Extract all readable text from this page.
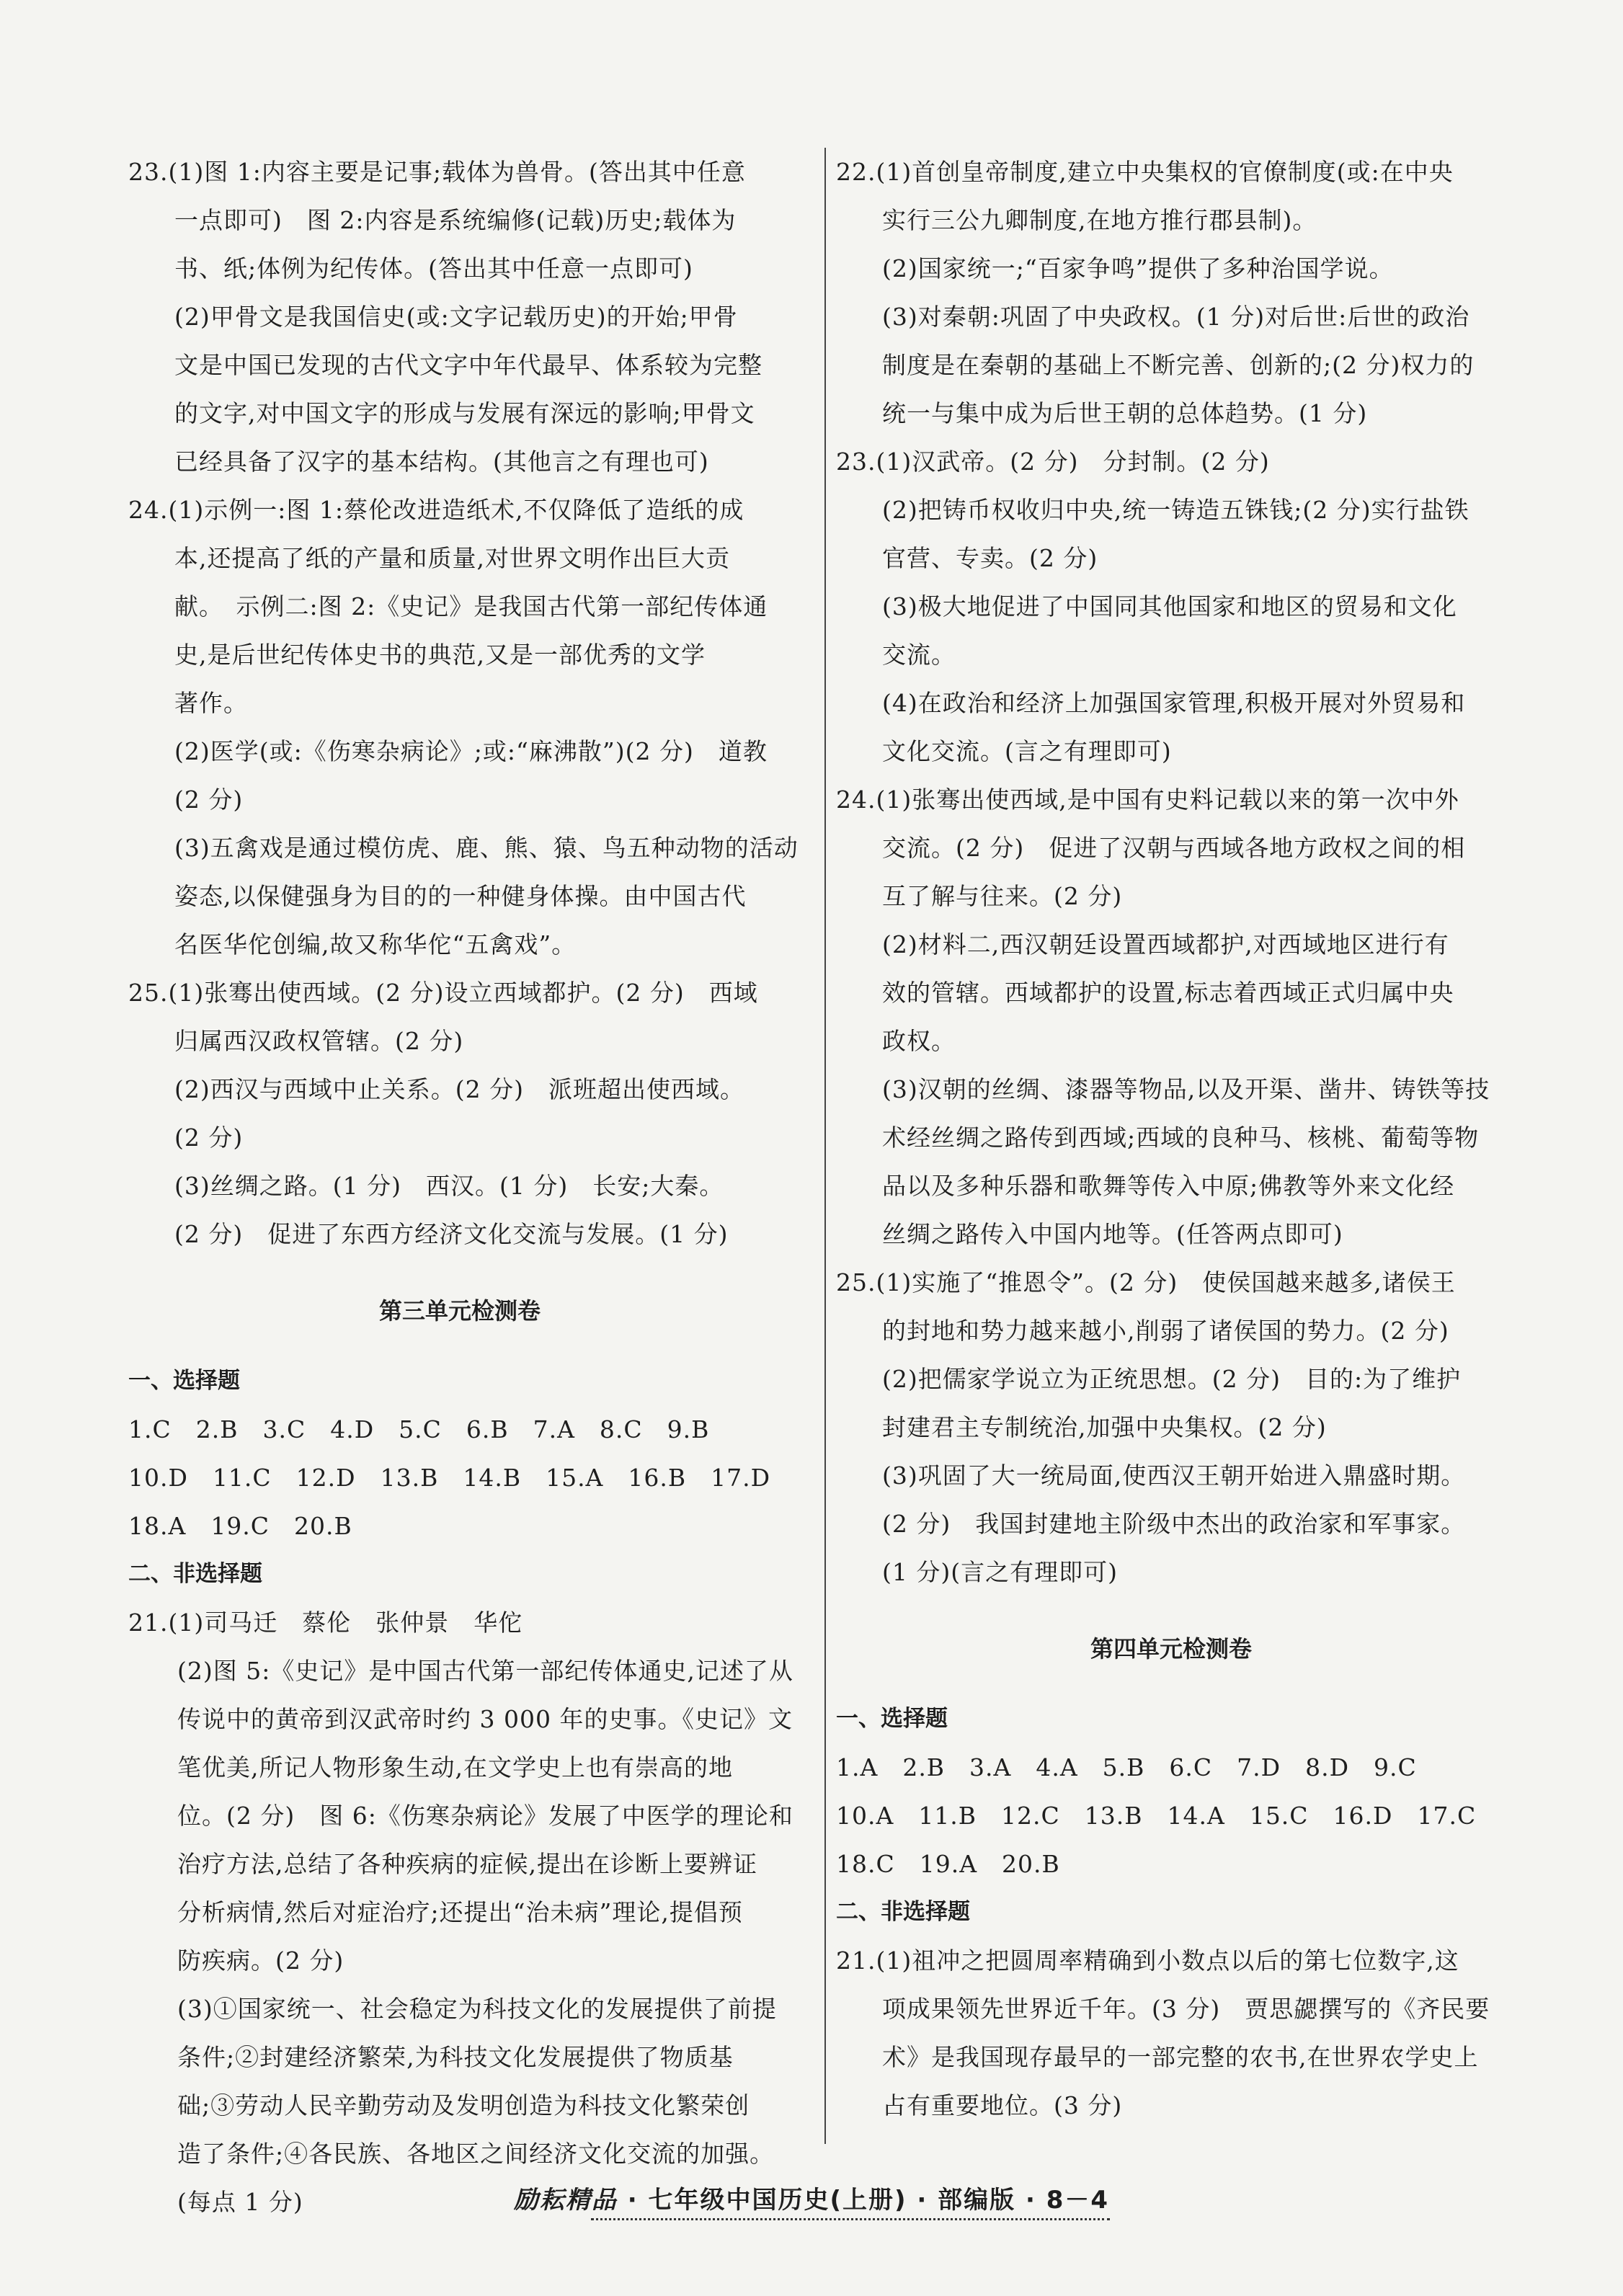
23.(1)图 1:内容主要是记事;载体为兽骨。(答出其中任意
一点即可)　图 2:内容是系统编修(记载)历史;载体为
书、纸;体例为纪传体。(答出其中任意一点即可)
(2)甲骨文是我国信史(或:文字记载历史)的开始;甲骨
文是中国已发现的古代文字中年代最早、体系较为完整
的文字,对中国文字的形成与发展有深远的影响;甲骨文
已经具备了汉字的基本结构。(其他言之有理也可)
24.(1)示例一:图 1:蔡伦改进造纸术,不仅降低了造纸的成
本,还提高了纸的产量和质量,对世界文明作出巨大贡
献。　示例二:图 2:《史记》是我国古代第一部纪传体通
史,是后世纪传体史书的典范,又是一部优秀的文学
著作。
(2)医学(或:《伤寒杂病论》;或:“麻沸散”)(2 分)　道教
(2 分)
(3)五禽戏是通过模仿虎、鹿、熊、猿、鸟五种动物的活动
姿态,以保健强身为目的的一种健身体操。由中国古代
名医华佗创编,故又称华佗“五禽戏”。
25.(1)张骞出使西域。(2 分)设立西域都护。(2 分)　西域
归属西汉政权管辖。(2 分)
(2)西汉与西域中止关系。(2 分)　派班超出使西域。
(2 分)
(3)丝绸之路。(1 分)　西汉。(1 分)　长安;大秦。
(2 分)　促进了东西方经济文化交流与发展。(1 分)
第三单元检测卷
一、选择题
1.C　2.B　3.C　4.D　5.C　6.B　7.A　8.C　9.B
10.D　11.C　12.D　13.B　14.B　15.A　16.B　17.D
18.A　19.C　20.B
二、非选择题
21.(1)司马迁　蔡伦　张仲景　华佗
(2)图 5:《史记》是中国古代第一部纪传体通史,记述了从
传说中的黄帝到汉武帝时约 3 000 年的史事。《史记》文
笔优美,所记人物形象生动,在文学史上也有崇高的地
位。(2 分)　图 6:《伤寒杂病论》发展了中医学的理论和
治疗方法,总结了各种疾病的症候,提出在诊断上要辨证
分析病情,然后对症治疗;还提出“治未病”理论,提倡预
防疾病。(2 分)
(3)①国家统一、社会稳定为科技文化的发展提供了前提
条件;②封建经济繁荣,为科技文化发展提供了物质基
础;③劳动人民辛勤劳动及发明创造为科技文化繁荣创
造了条件;④各民族、各地区之间经济文化交流的加强。
(每点 1 分)
22.(1)首创皇帝制度,建立中央集权的官僚制度(或:在中央
实行三公九卿制度,在地方推行郡县制)。
(2)国家统一;“百家争鸣”提供了多种治国学说。
(3)对秦朝:巩固了中央政权。(1 分)对后世:后世的政治
制度是在秦朝的基础上不断完善、创新的;(2 分)权力的
统一与集中成为后世王朝的总体趋势。(1 分)
23.(1)汉武帝。(2 分)　分封制。(2 分)
(2)把铸币权收归中央,统一铸造五铢钱;(2 分)实行盐铁
官营、专卖。(2 分)
(3)极大地促进了中国同其他国家和地区的贸易和文化
交流。
(4)在政治和经济上加强国家管理,积极开展对外贸易和
文化交流。(言之有理即可)
24.(1)张骞出使西域,是中国有史料记载以来的第一次中外
交流。(2 分)　促进了汉朝与西域各地方政权之间的相
互了解与往来。(2 分)
(2)材料二,西汉朝廷设置西域都护,对西域地区进行有
效的管辖。西域都护的设置,标志着西域正式归属中央
政权。
(3)汉朝的丝绸、漆器等物品,以及开渠、凿井、铸铁等技
术经丝绸之路传到西域;西域的良种马、核桃、葡萄等物
品以及多种乐器和歌舞等传入中原;佛教等外来文化经
丝绸之路传入中国内地等。(任答两点即可)
25.(1)实施了“推恩令”。(2 分)　使侯国越来越多,诸侯王
的封地和势力越来越小,削弱了诸侯国的势力。(2 分)
(2)把儒家学说立为正统思想。(2 分)　目的:为了维护
封建君主专制统治,加强中央集权。(2 分)
(3)巩固了大一统局面,使西汉王朝开始进入鼎盛时期。
(2 分)　我国封建地主阶级中杰出的政治家和军事家。
(1 分)(言之有理即可)
第四单元检测卷
一、选择题
1.A　2.B　3.A　4.A　5.B　6.C　7.D　8.D　9.C
10.A　11.B　12.C　13.B　14.A　15.C　16.D　17.C
18.C　19.A　20.B
二、非选择题
21.(1)祖冲之把圆周率精确到小数点以后的第七位数字,这
项成果领先世界近千年。(3 分)　贾思勰撰写的《齐民要
术》是我国现存最早的一部完整的农书,在世界农学史上
占有重要地位。(3 分)
励耘精品 · 七年级中国历史(上册) · 部编版 · 8－4
